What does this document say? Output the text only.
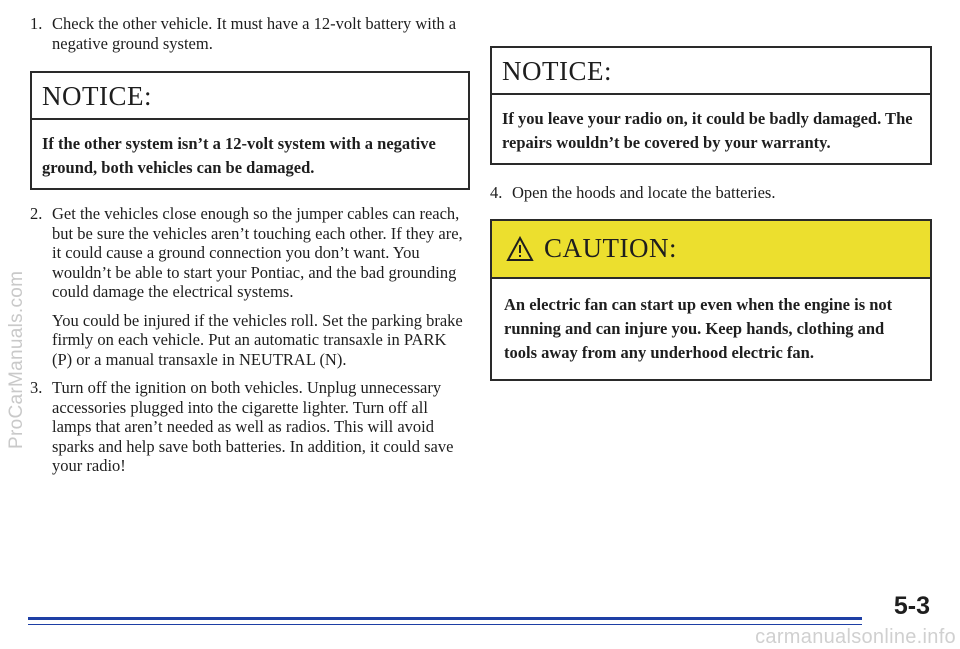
ProCarManuals.com

1. Check the other vehicle. It must have a 12-volt battery with a negative ground system.

NOTICE:
If the other system isn’t a 12-volt system with a negative ground, both vehicles can be damaged.

2. Get the vehicles close enough so the jumper cables can reach, but be sure the vehicles aren’t touching each other. If they are, it could cause a ground connection you don’t want. You wouldn’t be able to start your Pontiac, and the bad grounding could damage the electrical systems.

You could be injured if the vehicles roll. Set the parking brake firmly on each vehicle. Put an automatic transaxle in PARK (P) or a manual transaxle in NEUTRAL (N).

3. Turn off the ignition on both vehicles. Unplug unnecessary accessories plugged into the cigarette lighter. Turn off all lamps that aren’t needed as well as radios. This will avoid sparks and help save both batteries. In addition, it could save your radio!

NOTICE:
If you leave your radio on, it could be badly damaged. The repairs wouldn’t be covered by your warranty.

4. Open the hoods and locate the batteries.

CAUTION:
An electric fan can start up even when the engine is not running and can injure you. Keep hands, clothing and tools away from any underhood electric fan.
5-3
carmanualsonline.info
